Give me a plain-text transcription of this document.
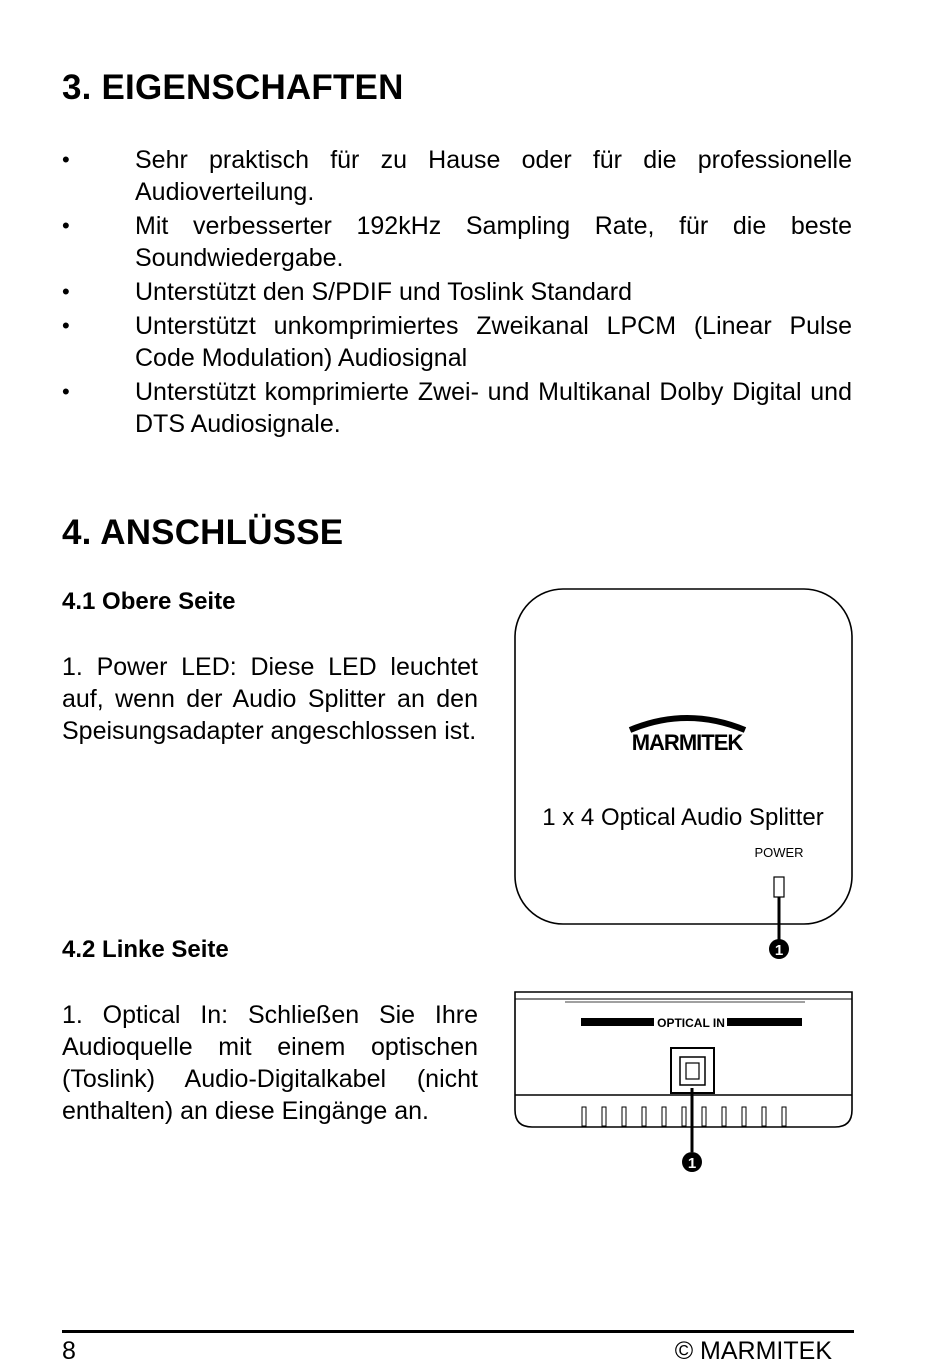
3. EIGENSCHAFTEN
•	Sehr praktisch für zu Hause oder für die professionelle Audioverteilung.
•	Mit verbesserter 192kHz Sampling Rate, für die beste Soundwiedergabe.
•	Unterstützt den S/PDIF und Toslink Standard
•	Unterstützt unkomprimiertes Zweikanal LPCM (Linear Pulse Code Modulation) Audiosignal
•	Unterstützt komprimierte Zwei- und Multikanal Dolby Digital und DTS Audiosignale.
4. ANSCHLÜSSE
4.1 Obere Seite

1. Power LED: Diese LED leuchtet auf, wenn der Audio Splitter an den Speisungsadapter angeschlossen ist.

4.2 Linke Seite

1. Optical In: Schließen Sie Ihre Audioquelle mit einem optischen (Toslink) Audio-Digitalkabel (nicht enthalten) an diese Eingänge an.

MARMITEK
1 x 4 Optical Audio Splitter
POWER
1
OPTICAL IN
1
8	© MARMITEK
